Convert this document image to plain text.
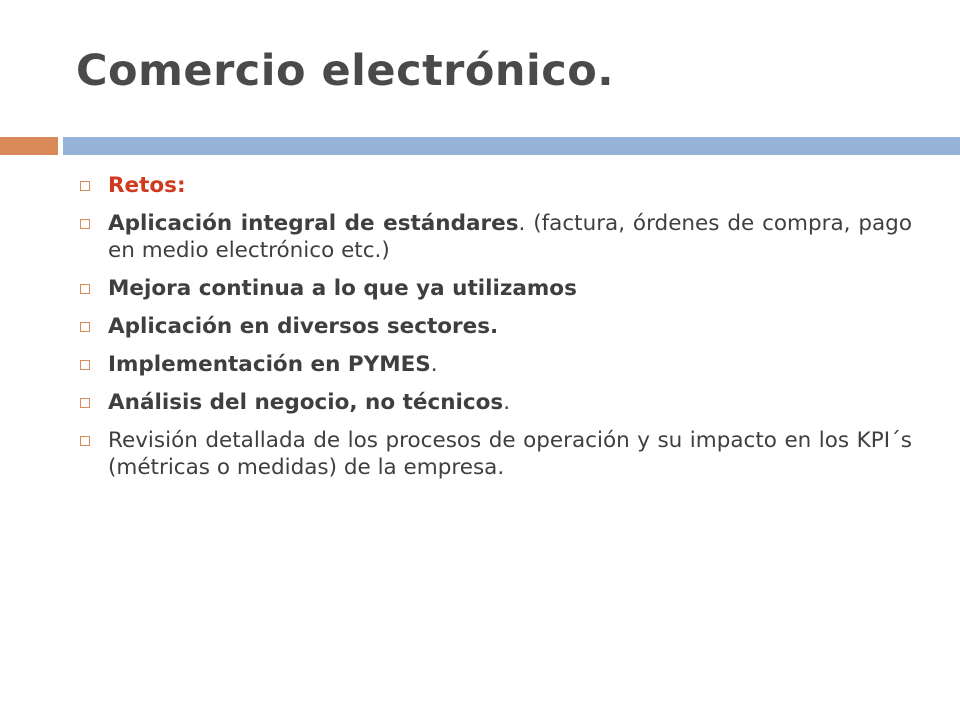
Comercio electrónico.
Retos:
Aplicación integral de estándares. (factura, órdenes de compra, pago en medio electrónico etc.)
Mejora continua a lo que ya utilizamos
Aplicación en diversos sectores.
Implementación en PYMES.
Análisis del negocio, no técnicos.
Revisión detallada de los procesos de operación y su impacto en los KPI´s (métricas o medidas) de la empresa.
